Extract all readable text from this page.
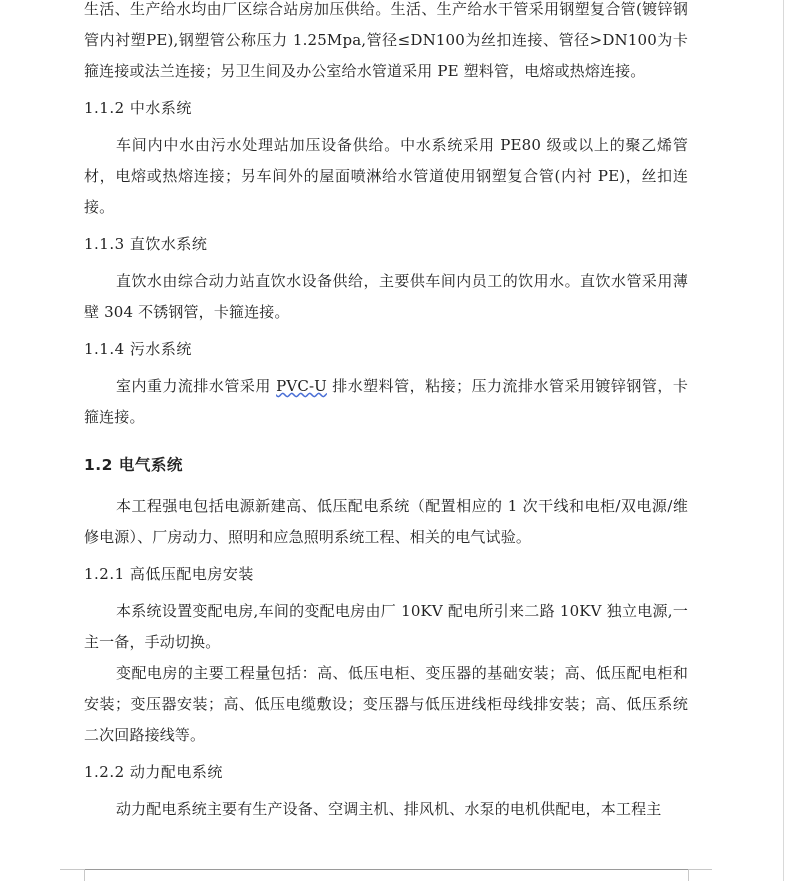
生活、生产给水均由厂区综合站房加压供给。生活、生产给水干管采用钢塑复合管(镀锌钢管内衬塑PE),钢塑管公称压力 1.25Mpa,管径≤DN100为丝扣连接、管径>DN100为卡箍连接或法兰连接；另卫生间及办公室给水管道采用 PE 塑料管，电熔或热熔连接。

1.1.2 中水系统

车间内中水由污水处理站加压设备供给。中水系统采用 PE80 级或以上的聚乙烯管材，电熔或热熔连接；另车间外的屋面喷淋给水管道使用钢塑复合管(内衬 PE)，丝扣连接。

1.1.3 直饮水系统

直饮水由综合动力站直饮水设备供给，主要供车间内员工的饮用水。直饮水管采用薄壁 304 不锈钢管，卡箍连接。

1.1.4 污水系统

室内重力流排水管采用 PVC-U 排水塑料管，粘接；压力流排水管采用镀锌钢管，卡箍连接。

1.2 电气系统

本工程强电包括电源新建高、低压配电系统（配置相应的 1 次干线和电柜/双电源/维修电源）、厂房动力、照明和应急照明系统工程、相关的电气试验。

1.2.1 高低压配电房安装

本系统设置变配电房,车间的变配电房由厂 10KV 配电所引来二路 10KV 独立电源,一主一备，手动切换。

变配电房的主要工程量包括：高、低压电柜、变压器的基础安装；高、低压配电柜和安装；变压器安装；高、低压电缆敷设；变压器与低压进线柜母线排安装；高、低压系统二次回路接线等。

1.2.2 动力配电系统

动力配电系统主要有生产设备、空调主机、排风机、水泵的电机供配电，本工程主
